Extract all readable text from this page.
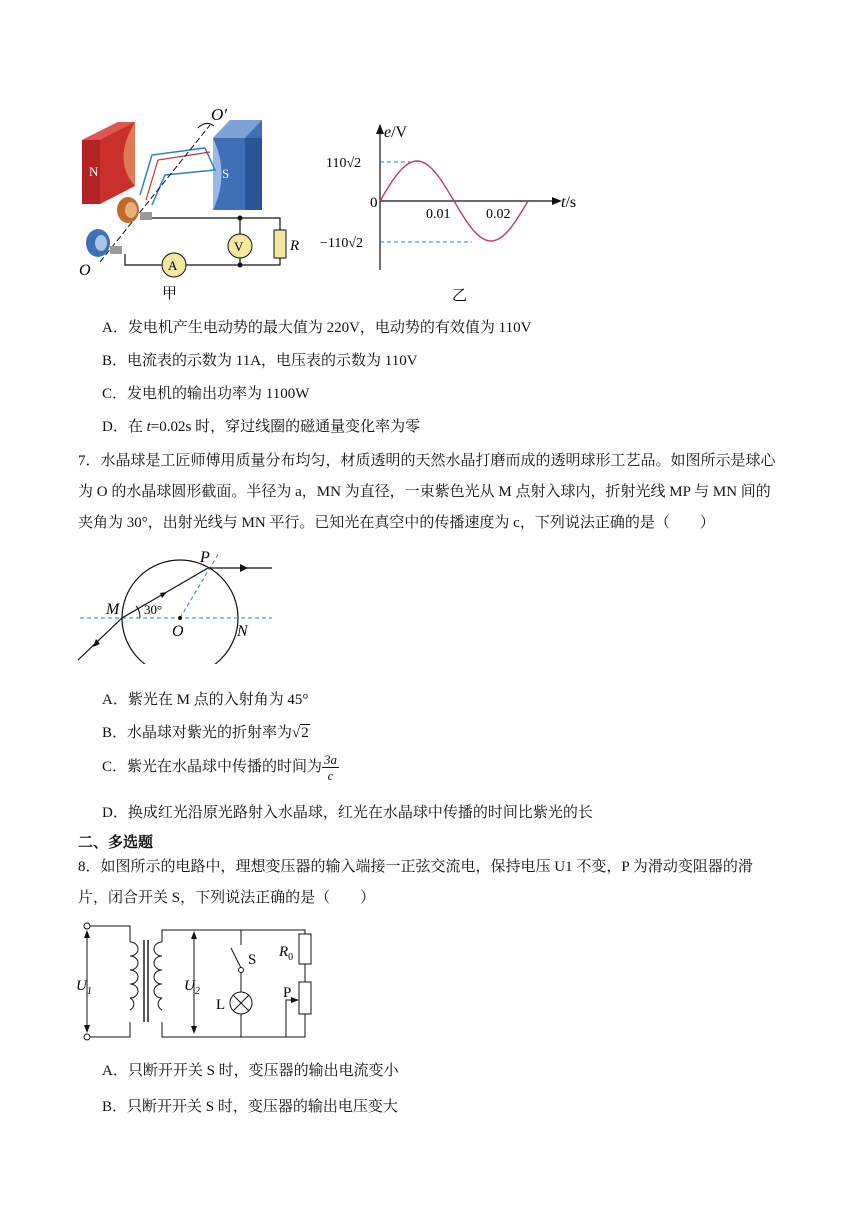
N	S
O′
O
V
A
R
甲
e/V
t/s
0
110√2
−110√2
0.01	0.02
乙
A．发电机产生电动势的最大值为 220V，电动势的有效值为 110V
B．电流表的示数为 11A，电压表的示数为 110V
C．发电机的输出功率为 1100W
D．在 t=0.02s 时，穿过线圈的磁通量变化率为零
7．水晶球是工匠师傅用质量分布均匀，材质透明的天然水晶打磨而成的透明球形工艺品。如图所示是球心为 O 的水晶球圆形截面。半径为 a，MN 为直径，一束紫色光从 M 点射入球内，折射光线 MP 与 MN 间的夹角为 30°，出射光线与 MN 平行。已知光在真空中的传播速度为 c，下列说法正确的是（　　）
P
M
O	N
30°
A．紫光在 M 点的入射角为 45°
B．水晶球对紫光的折射率为√2
C．紫光在水晶球中传播的时间为 $\frac{3a}{c}$
D．换成红光沿原光路射入水晶球，红光在水晶球中传播的时间比紫光的长
二、多选题
8．如图所示的电路中，理想变压器的输入端接一正弦交流电，保持电压 U1 不变，P 为滑动变阻器的滑片，闭合开关 S，下列说法正确的是（　　）
$U_1$	$U_2$
S
L
$R_0$
P
A．只断开开关 S 时，变压器的输出电流变小
B．只断开开关 S 时，变压器的输出电压变大
